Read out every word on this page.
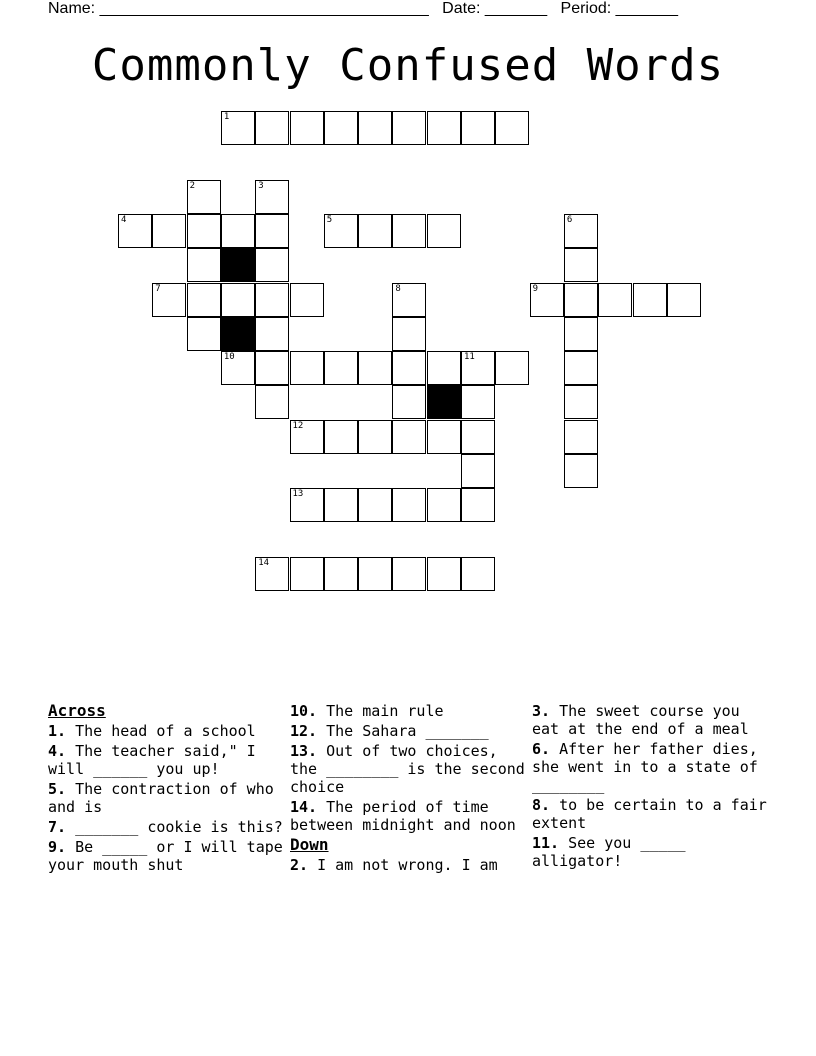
Name: _____________________________________ Date: _______ Period: _______
Commonly Confused Words
1
2	3
4	5	6
7	8	9
10	11
12
13
14
Across
1. The head of a school
4. The teacher said," I will ______ you up!
5. The contraction of who and is
7. _______ cookie is this?
9. Be _____ or I will tape your mouth shut
10. The main rule
12. The Sahara _______
13. Out of two choices, the ________ is the second choice
14. The period of time between midnight and noon
Down
2. I am not wrong. I am
3. The sweet course you eat at the end of a meal
6. After her father dies, she went in to a state of ________
8. to be certain to a fair extent
11. See you _____ alligator!
